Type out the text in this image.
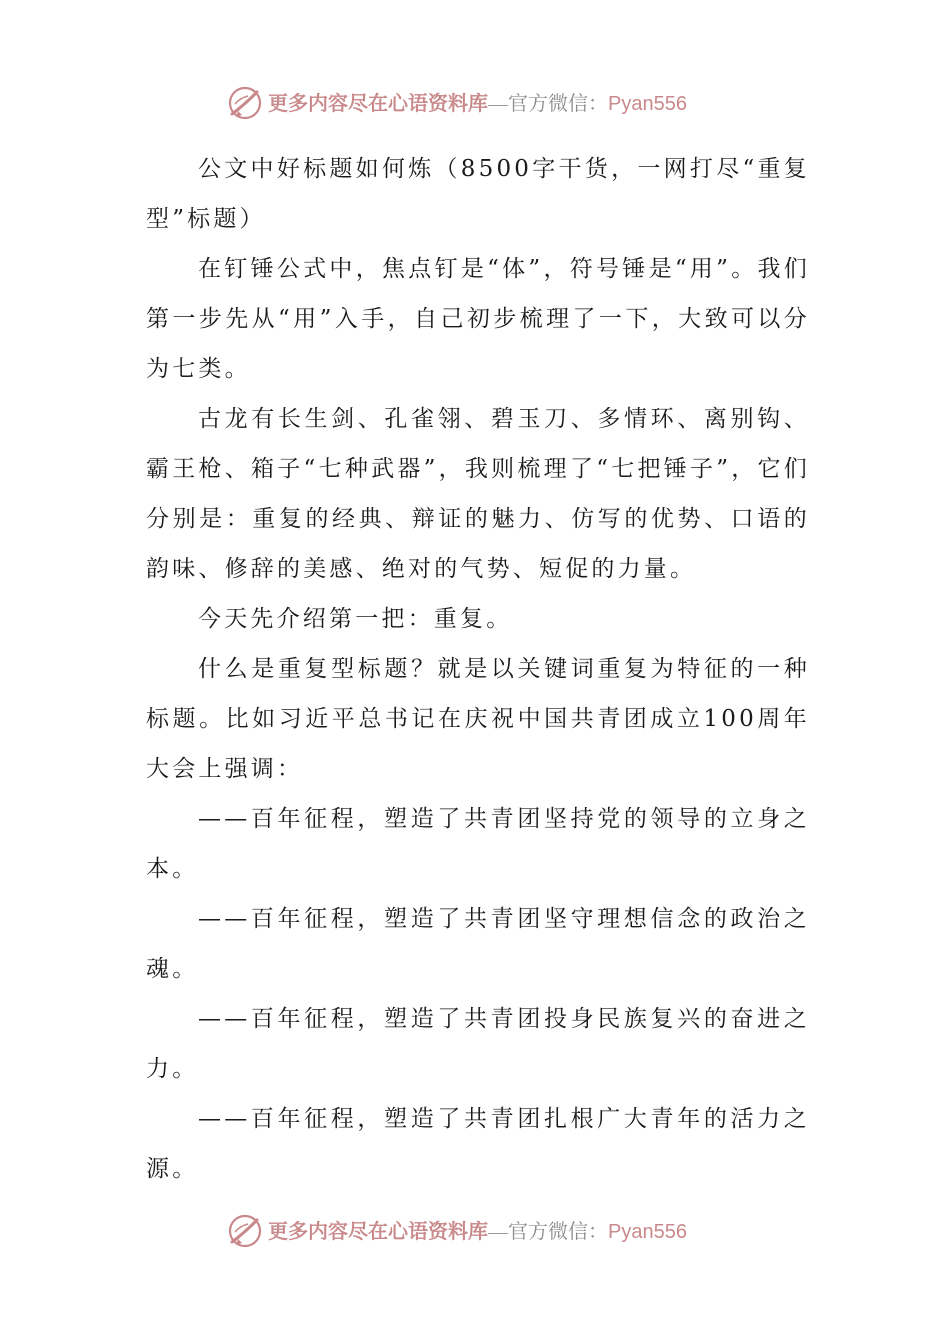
更多内容尽在心语资料库—官方微信：Pyan556

公文中好标题如何炼（8500字干货，一网打尽“重复型”标题）

在钉锤公式中，焦点钉是“体”，符号锤是“用”。我们第一步先从“用”入手，自己初步梳理了一下，大致可以分为七类。

古龙有长生剑、孔雀翎、碧玉刀、多情环、离别钩、霸王枪、箱子“七种武器”，我则梳理了“七把锤子”，它们分别是：重复的经典、辩证的魅力、仿写的优势、口语的韵味、修辞的美感、绝对的气势、短促的力量。

今天先介绍第一把：重复。

什么是重复型标题？就是以关键词重复为特征的一种标题。比如习近平总书记在庆祝中国共青团成立100周年大会上强调：

——百年征程，塑造了共青团坚持党的领导的立身之本。

——百年征程，塑造了共青团坚守理想信念的政治之魂。

——百年征程，塑造了共青团投身民族复兴的奋进之力。

——百年征程，塑造了共青团扎根广大青年的活力之源。

更多内容尽在心语资料库—官方微信：Pyan556
